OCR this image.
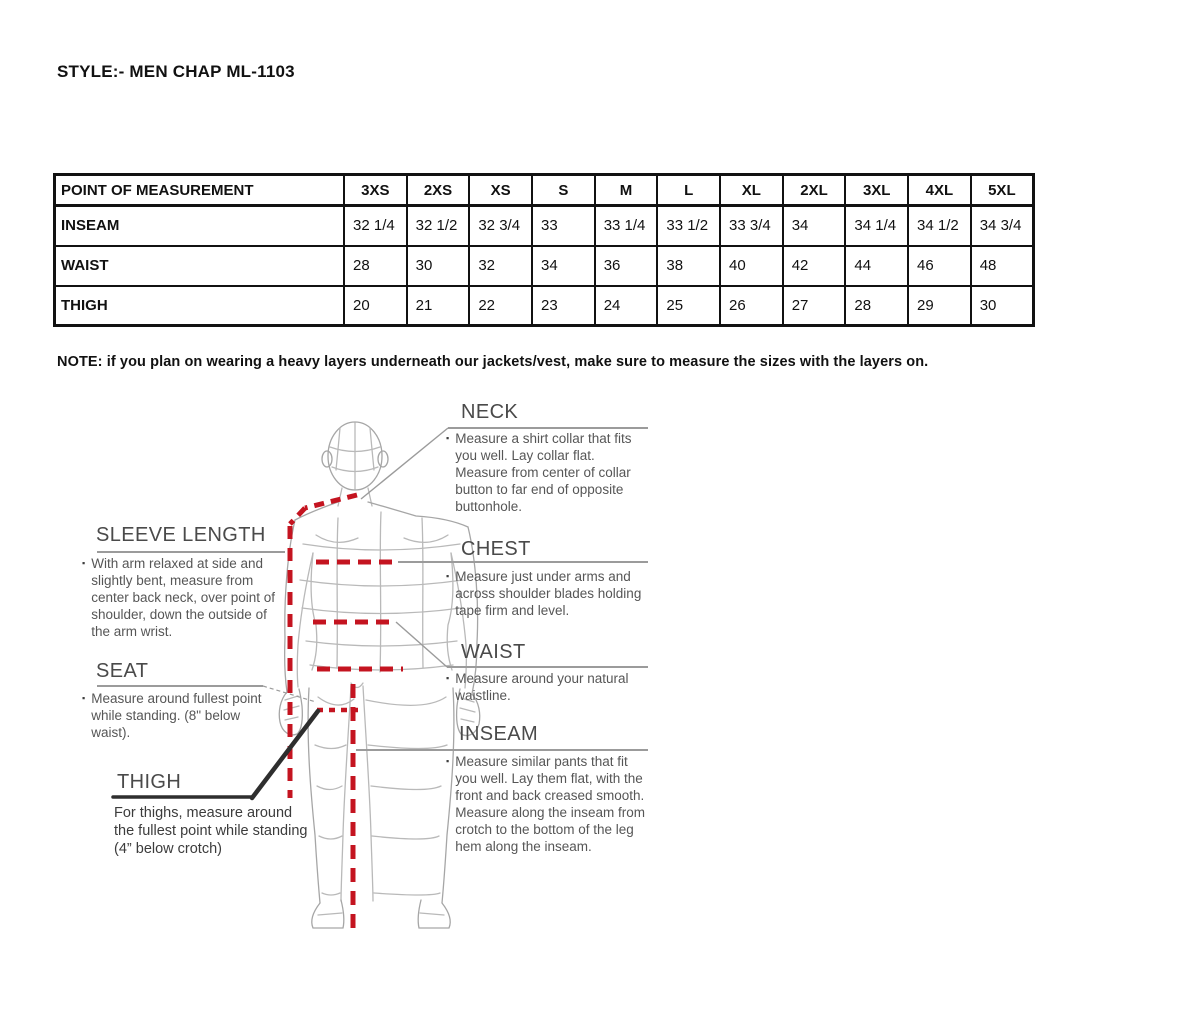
STYLE:- MEN CHAP ML-1103
POINT OF MEASUREMENT	3XS	2XS	XS	S	M	L	XL	2XL	3XL	4XL	5XL
INSEAM	32 1/4	32 1/2	32 3/4	33	33 1/4	33 1/2	33 3/4	34	34 1/4	34 1/2	34 3/4
WAIST	28	30	32	34	36	38	40	42	44	46	48
THIGH	20	21	22	23	24	25	26	27	28	29	30
NOTE: if you plan on wearing a heavy layers underneath our jackets/vest, make sure to measure the sizes with the layers on.
NECK
▪ Measure a shirt collar that fits you well. Lay collar flat. Measure from center of collar button to far end of opposite buttonhole.
SLEEVE LENGTH
▪ With arm relaxed at side and slightly bent, measure from center back neck, over point of shoulder, down the outside of the arm wrist.
CHEST
▪ Measure just under arms and across shoulder blades holding tape firm and level.
WAIST
▪ Measure around your natural waistline.
SEAT
▪ Measure around fullest point while standing. (8" below waist).	INSEAM
▪ Measure similar pants that fit you well. Lay them flat, with the front and back creased smooth. Measure along the inseam from crotch to the bottom of the leg hem along the inseam.
THIGH
For thighs, measure around the fullest point while standing (4” below crotch)
